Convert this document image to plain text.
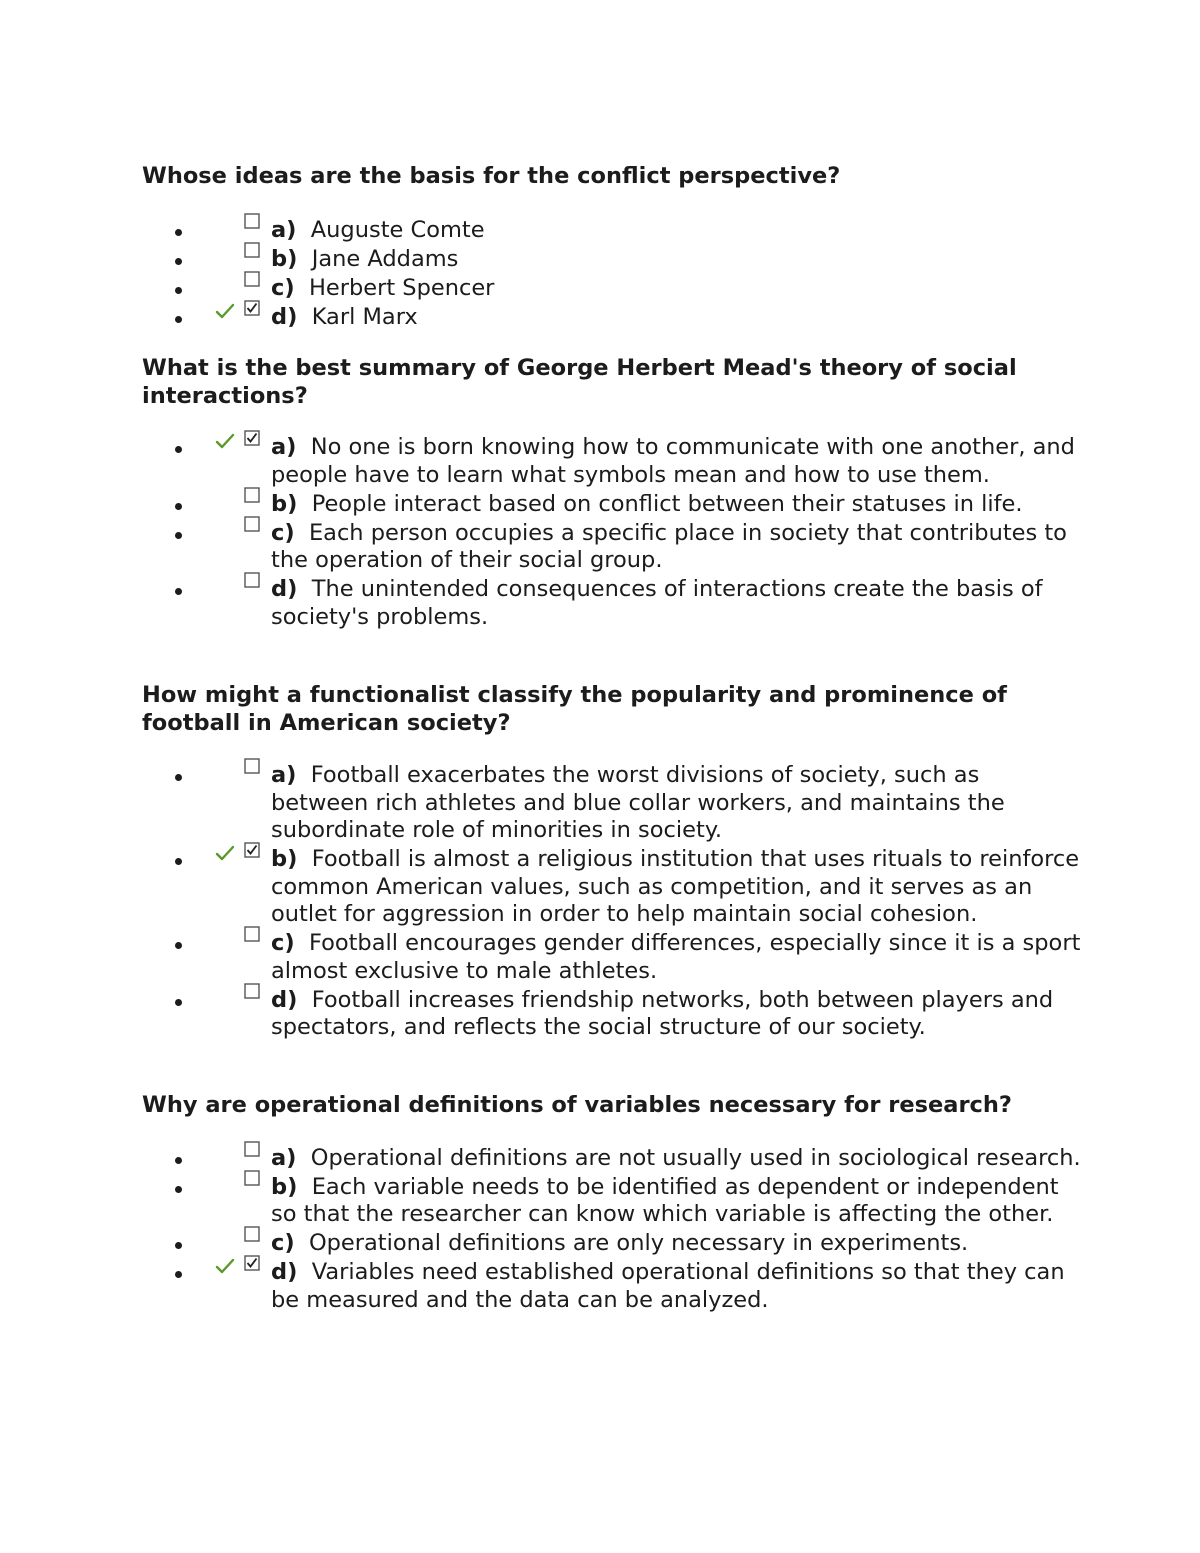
Whose ideas are the basis for the conflict perspective?

a) Auguste Comte
b) Jane Addams
c) Herbert Spencer
d) Karl Marx

What is the best summary of George Herbert Mead's theory of social interactions?

a) No one is born knowing how to communicate with one another, and people have to learn what symbols mean and how to use them.
b) People interact based on conflict between their statuses in life.
c) Each person occupies a specific place in society that contributes to the operation of their social group.
d) The unintended consequences of interactions create the basis of society's problems.

How might a functionalist classify the popularity and prominence of football in American society?

a) Football exacerbates the worst divisions of society, such as between rich athletes and blue collar workers, and maintains the subordinate role of minorities in society.
b) Football is almost a religious institution that uses rituals to reinforce common American values, such as competition, and it serves as an outlet for aggression in order to help maintain social cohesion.
c) Football encourages gender differences, especially since it is a sport almost exclusive to male athletes.
d) Football increases friendship networks, both between players and spectators, and reflects the social structure of our society.

Why are operational definitions of variables necessary for research?

a) Operational definitions are not usually used in sociological research.
b) Each variable needs to be identified as dependent or independent so that the researcher can know which variable is affecting the other.
c) Operational definitions are only necessary in experiments.
d) Variables need established operational definitions so that they can be measured and the data can be analyzed.
